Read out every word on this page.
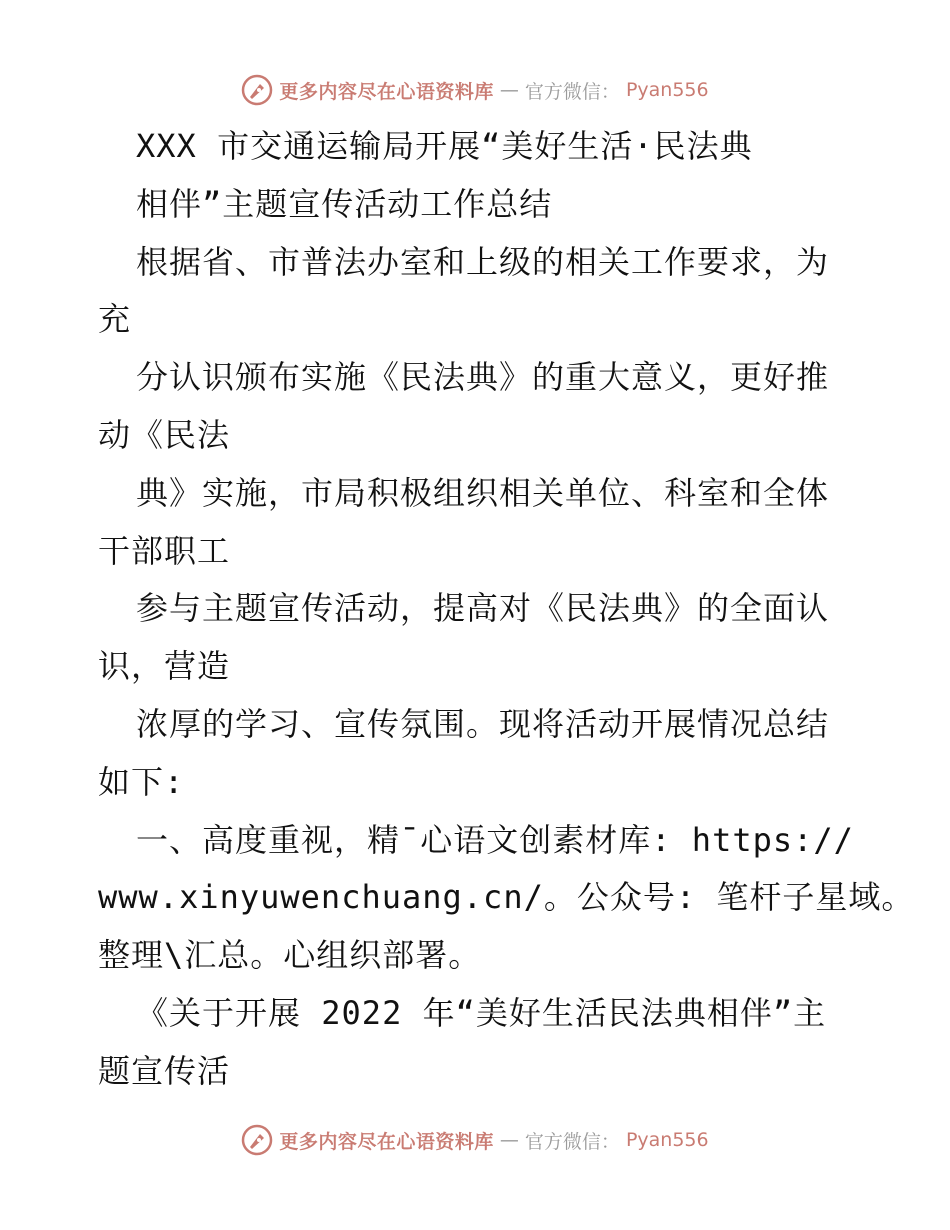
更多内容尽在心语资料库 — 官方微信： Pyan556
XXX 市交通运输局开展“美好生活·民法典
相伴”主题宣传活动工作总结
根据省、市普法办室和上级的相关工作要求，为
充
分认识颁布实施《民法典》的重大意义，更好推
动《民法
典》实施，市局积极组织相关单位、科室和全体
干部职工
参与主题宣传活动，提高对《民法典》的全面认
识，营造
浓厚的学习、宣传氛围。现将活动开展情况总结
如下:
一、高度重视，精¯心语文创素材库: https://
www.xinyuwenchuang.cn/。公众号: 笔杆子星域。
整理\汇总。心组织部署。
《关于开展 2022 年“美好生活民法典相伴”主
题宣传活
更多内容尽在心语资料库 — 官方微信： Pyan556
